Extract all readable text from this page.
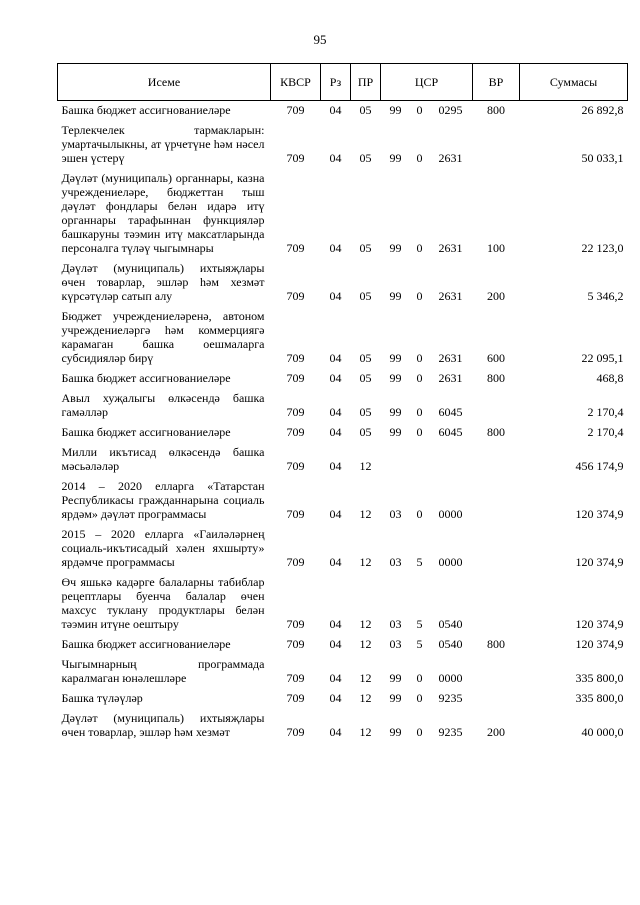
95
Исеме	КВСР	Рз	ПР	ЦСР			ВР	Суммасы
Башка бюджет ассигнованиеләре	709	04	05	99	0	0295	800	26 892,8
Терлекчелек тармакларын: умартачылыкны, ат үрчетүне һәм нәсел эшен үстерү	709	04	05	99	0	2631		50 033,1
Дәүләт (муниципаль) органнары, казна учреждениеләре, бюджеттан тыш дәүләт фондлары белән идарә итү органнары тарафыннан функцияләр башкаруны тәэмин итү максатларында персоналга түләү чыгымнары	709	04	05	99	0	2631	100	22 123,0
Дәүләт (муниципаль) ихтыяҗлары өчен товарлар, эшләр һәм хезмәт күрсәтүләр сатып алу	709	04	05	99	0	2631	200	5 346,2
Бюджет учреждениеләренә, автоном учреждениеләргә һәм коммерциягә карамаган башка оешмаларга субсидияләр бирү	709	04	05	99	0	2631	600	22 095,1
Башка бюджет ассигнованиеләре	709	04	05	99	0	2631	800	468,8
Авыл хуҗалыгы өлкәсендә башка гамәлләр	709	04	05	99	0	6045		2 170,4
Башка бюджет ассигнованиеләре	709	04	05	99	0	6045	800	2 170,4
Милли икътисад өлкәсендә башка мәсьәләләр	709	04	12					456 174,9
2014 – 2020 елларга «Татарстан Республикасы гражданнарына социаль ярдәм» дәүләт программасы	709	04	12	03	0	0000		120 374,9
2015 – 2020 елларга «Гаиләләрнең социаль-икътисадый хәлен яхшырту» ярдәмче программасы	709	04	12	03	5	0000		120 374,9
Өч яшькә кадәрге балаларны табиблар рецептлары буенча балалар өчен махсус туклану продуктлары белән тәэмин итүне оештыру	709	04	12	03	5	0540		120 374,9
Башка бюджет ассигнованиеләре	709	04	12	03	5	0540	800	120 374,9
Чыгымнарның программада каралмаган юнәлешләре	709	04	12	99	0	0000		335 800,0
Башка түләүләр	709	04	12	99	0	9235		335 800,0
Дәүләт (муниципаль) ихтыяҗлары өчен товарлар, эшләр һәм хезмәт	709	04	12	99	0	9235	200	40 000,0
